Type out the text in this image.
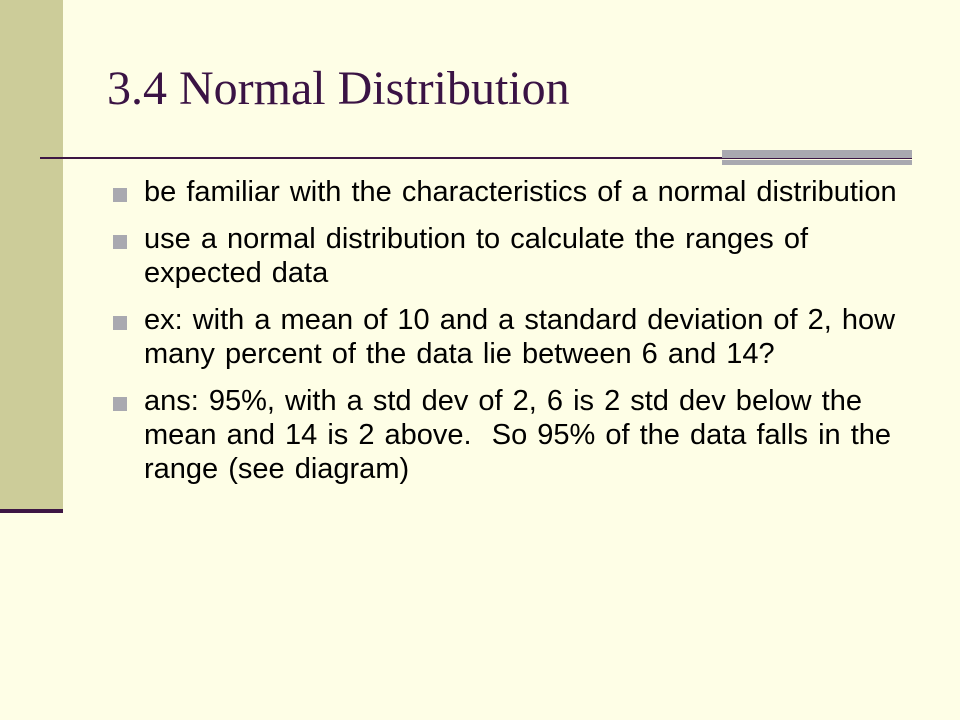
3.4 Normal Distribution
be familiar with the characteristics of a normal distribution
use a normal distribution to calculate the ranges of expected data
ex: with a mean of 10 and a standard deviation of 2, how many percent of the data lie between 6 and 14?
ans: 95%, with a std dev of 2, 6 is 2 std dev below the mean and 14 is 2 above.  So 95% of the data falls in the range (see diagram)
